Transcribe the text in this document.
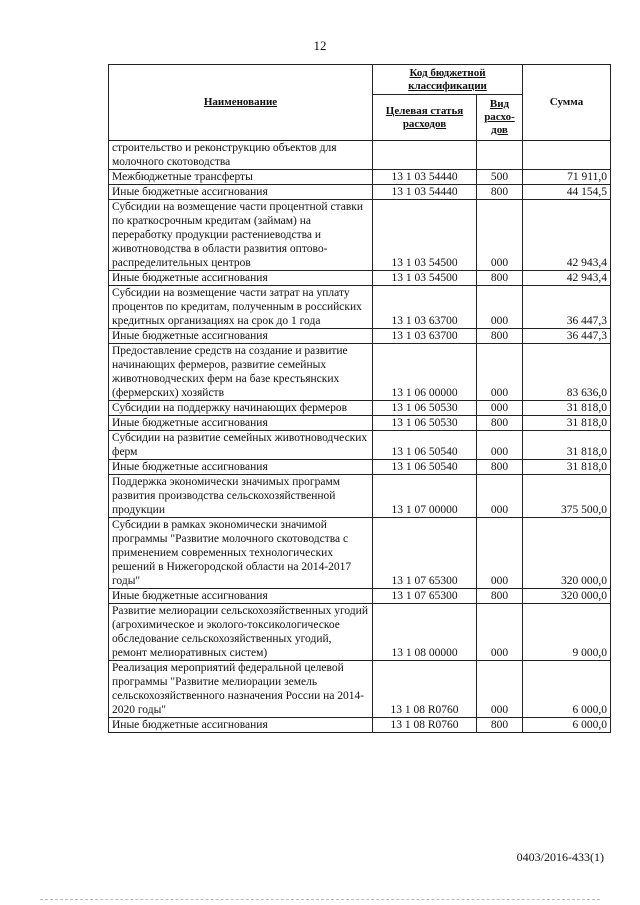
12
Наименование	Код бюджетной классификации		Сумма
	Целевая статья расходов	Вид расхо-дов	
строительство и реконструкцию объектов для молочного скотоводства			
Межбюджетные трансферты	13 1 03 54440	500	71 911,0
Иные бюджетные ассигнования	13 1 03 54440	800	44 154,5
Субсидии на возмещение части процентной ставки по краткосрочным кредитам (займам) на переработку продукции растениеводства и животноводства в области развития оптово-распределительных центров	13 1 03 54500	000	42 943,4
Иные бюджетные ассигнования	13 1 03 54500	800	42 943,4
Субсидии на возмещение части затрат на уплату процентов по кредитам, полученным в российских кредитных организациях на срок до 1 года	13 1 03 63700	000	36 447,3
Иные бюджетные ассигнования	13 1 03 63700	800	36 447,3
Предоставление средств на создание и развитие начинающих фермеров, развитие семейных животноводческих ферм на базе крестьянских (фермерских) хозяйств	13 1 06 00000	000	83 636,0
Субсидии на поддержку начинающих фермеров	13 1 06 50530	000	31 818,0
Иные бюджетные ассигнования	13 1 06 50530	800	31 818,0
Субсидии на развитие семейных животноводческих ферм	13 1 06 50540	000	31 818,0
Иные бюджетные ассигнования	13 1 06 50540	800	31 818,0
Поддержка экономически значимых программ развития производства сельскохозяйственной продукции	13 1 07 00000	000	375 500,0
Субсидии в рамках экономически значимой программы "Развитие молочного скотоводства с применением современных технологических решений в Нижегородской области на 2014-2017 годы"	13 1 07 65300	000	320 000,0
Иные бюджетные ассигнования	13 1 07 65300	800	320 000,0
Развитие мелиорации сельскохозяйственных угодий (агрохимическое и эколого-токсикологическое обследование сельскохозяйственных угодий, ремонт мелиоративных систем)	13 1 08 00000	000	9 000,0
Реализация мероприятий федеральной целевой программы "Развитие мелиорации земель сельскохозяйственного назначения России на 2014-2020 годы"	13 1 08 R0760	000	6 000,0
Иные бюджетные ассигнования	13 1 08 R0760	800	6 000,0
0403/2016-433(1)
